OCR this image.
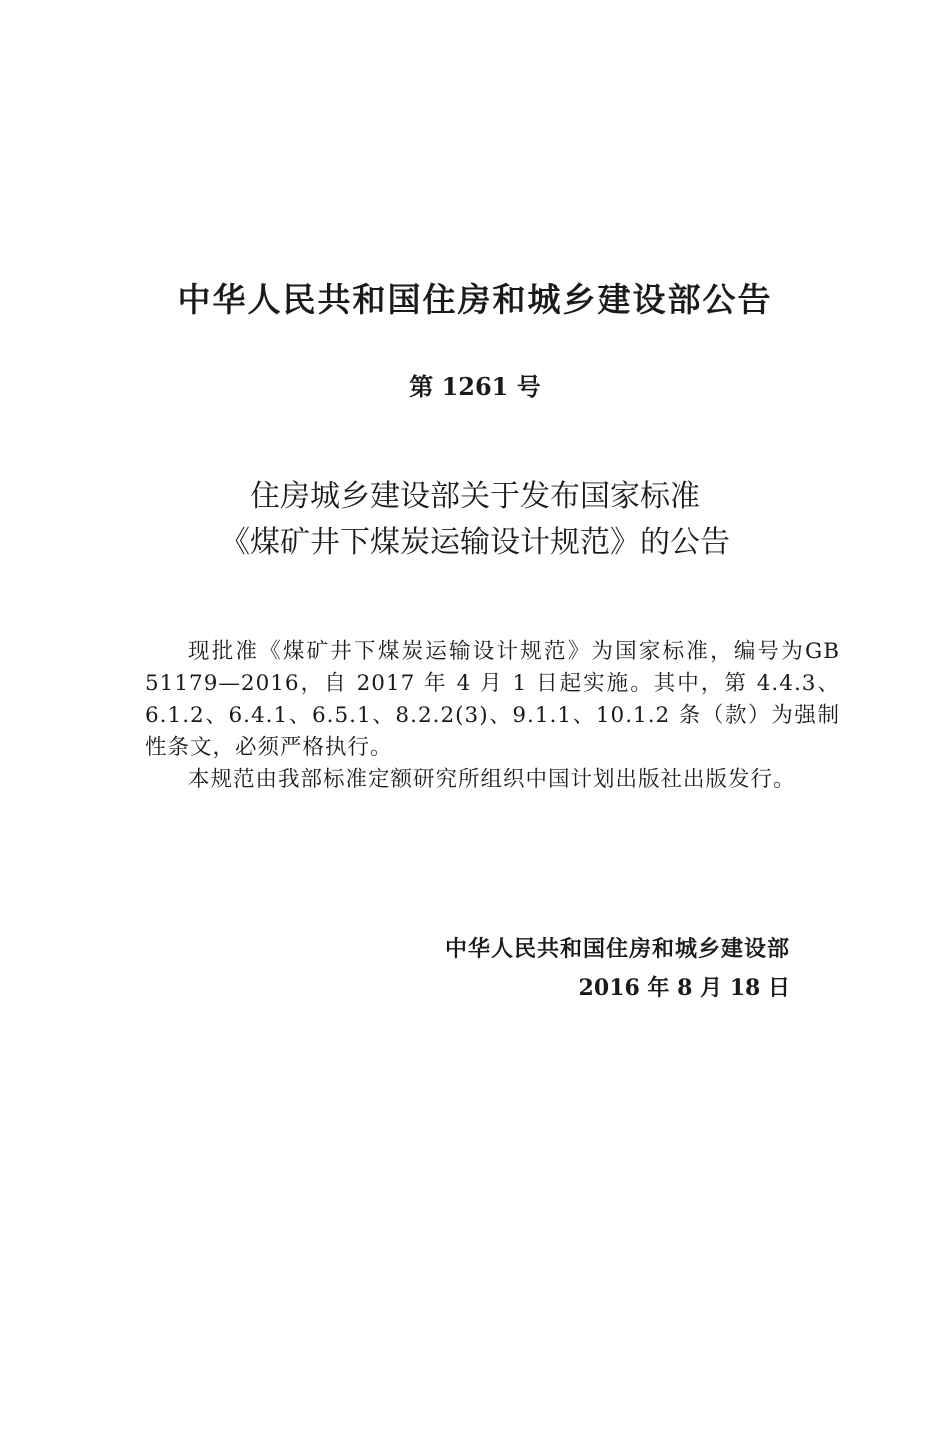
中华人民共和国住房和城乡建设部公告
第 1261 号
住房城乡建设部关于发布国家标准
《煤矿井下煤炭运输设计规范》的公告

现批准《煤矿井下煤炭运输设计规范》为国家标准，编号为GB 51179—2016，自 2017 年 4 月 1 日起实施。其中，第 4.4.3、6.1.2、6.4.1、6.5.1、8.2.2(3)、9.1.1、10.1.2 条（款）为强制性条文，必须严格执行。

本规范由我部标准定额研究所组织中国计划出版社出版发行。

中华人民共和国住房和城乡建设部
2016 年 8 月 18 日
